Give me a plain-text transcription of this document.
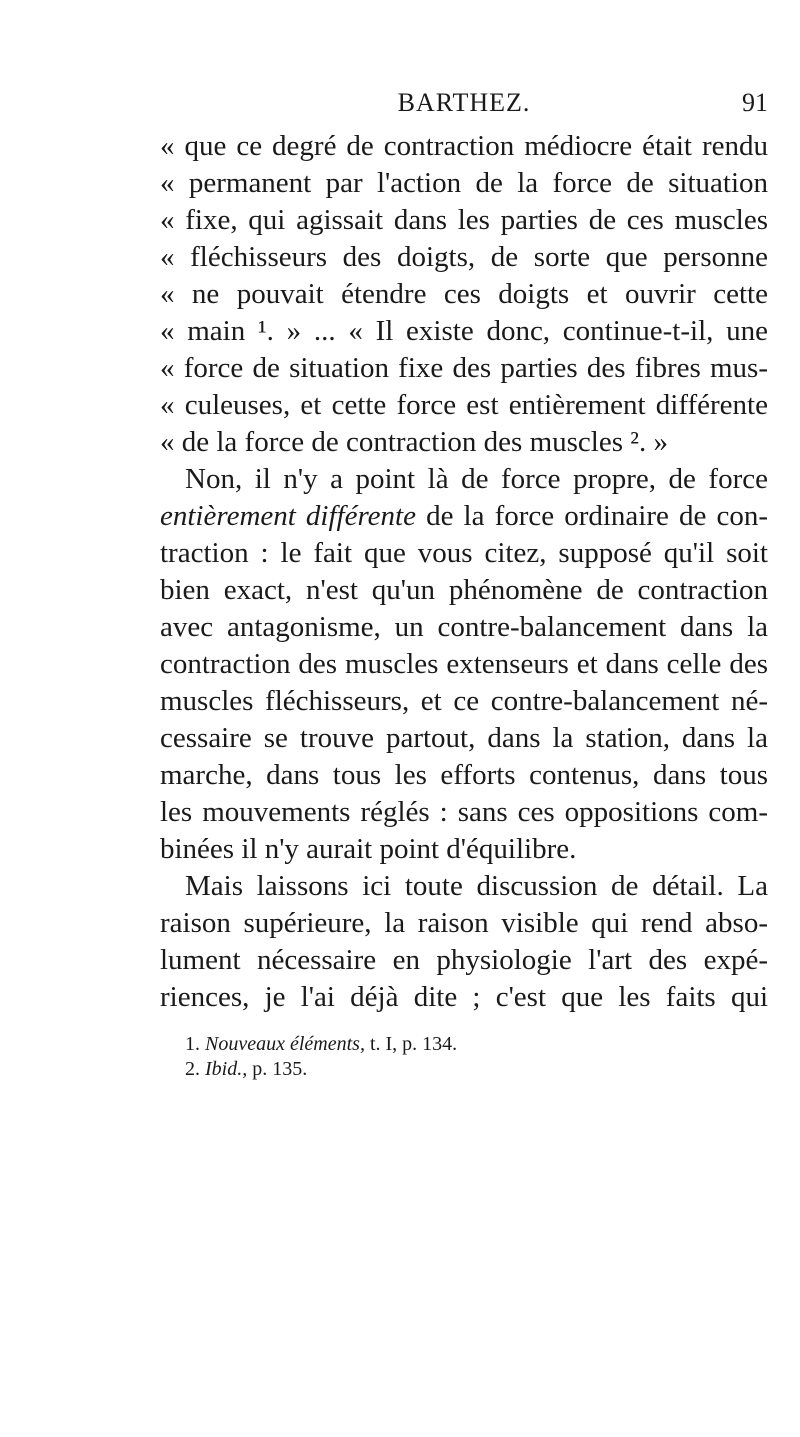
BARTHEZ.	91
« que ce degré de contraction médiocre était rendu
« permanent par l'action de la force de situation
« fixe, qui agissait dans les parties de ces muscles
« fléchisseurs des doigts, de sorte que personne
« ne pouvait étendre ces doigts et ouvrir cette
« main ¹. » ... « Il existe donc, continue-t-il, une
« force de situation fixe des parties des fibres mus-
« culeuses, et cette force est entièrement différente
« de la force de contraction des muscles ². »
Non, il n'y a point là de force propre, de force
entièrement différente de la force ordinaire de con-
traction : le fait que vous citez, supposé qu'il soit
bien exact, n'est qu'un phénomène de contraction
avec antagonisme, un contre-balancement dans la
contraction des muscles extenseurs et dans celle des
muscles fléchisseurs, et ce contre-balancement né-
cessaire se trouve partout, dans la station, dans la
marche, dans tous les efforts contenus, dans tous
les mouvements réglés : sans ces oppositions com-
binées il n'y aurait point d'équilibre.
Mais laissons ici toute discussion de détail. La
raison supérieure, la raison visible qui rend abso-
lument nécessaire en physiologie l'art des expé-
riences, je l'ai déjà dite ; c'est que les faits qui
1. Nouveaux éléments, t. I, p. 134.
2. Ibid., p. 135.
